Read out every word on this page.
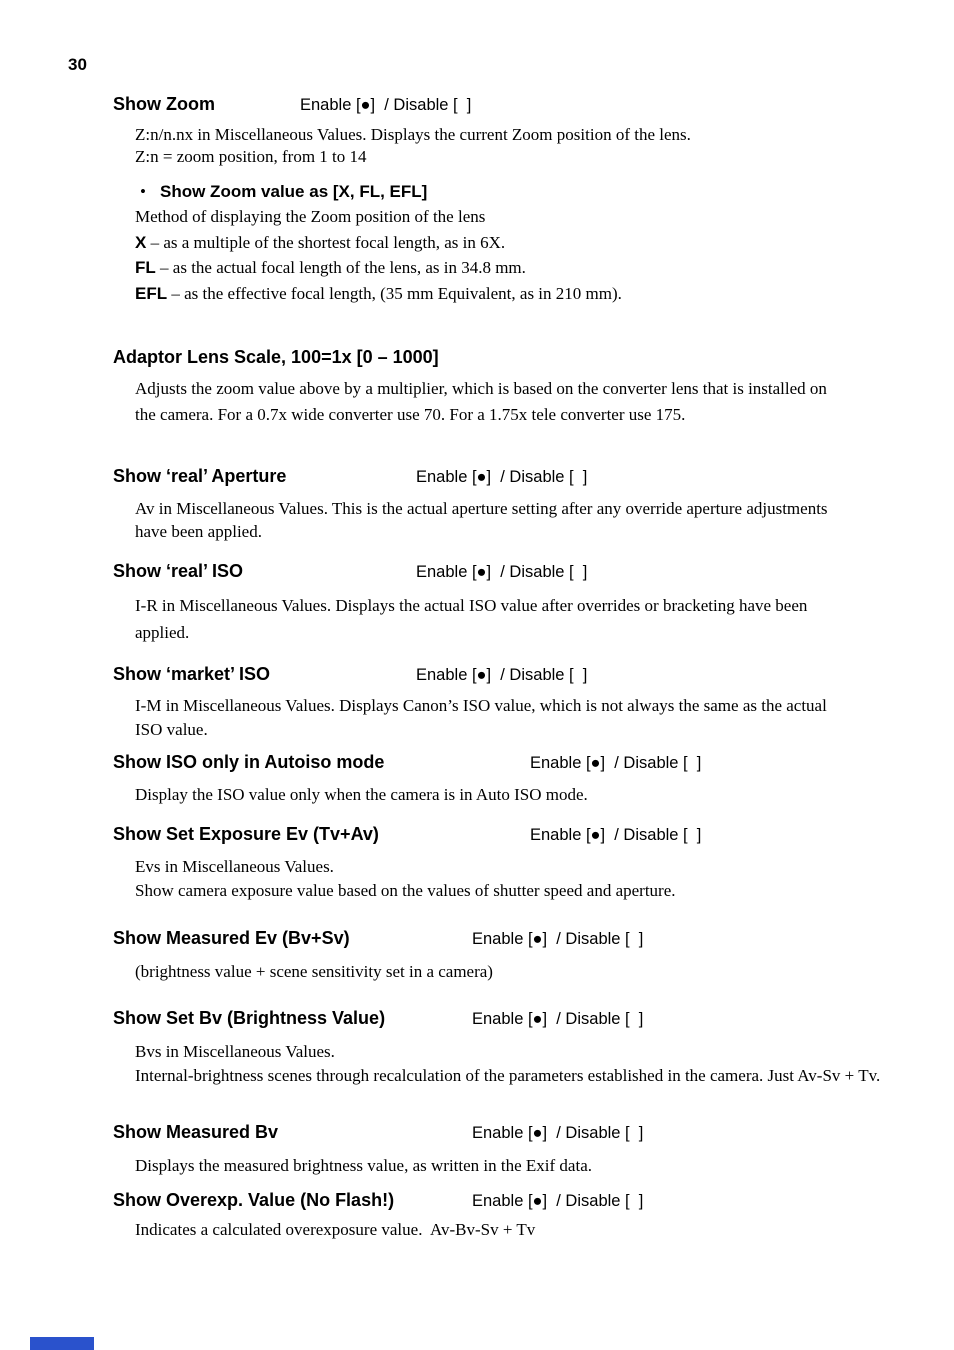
30
Show Zoom	Enable [●]  / Disable [  ]

Z:n/n.nx in Miscellaneous Values. Displays the current Zoom position of the lens.

Z:n = zoom position, from 1 to 14

• Show Zoom value as [X, FL, EFL]

Method of displaying the Zoom position of the lens

X – as a multiple of the shortest focal length, as in 6X.

FL – as the actual focal length of the lens, as in 34.8 mm.

EFL – as the effective focal length, (35 mm Equivalent, as in 210 mm).

Adaptor Lens Scale, 100=1x [0 – 1000]

Adjusts the zoom value above by a multiplier, which is based on the converter lens that is installed on the camera. For a 0.7x wide converter use 70. For a 1.75x tele converter use 175.

Show ‘real’ Aperture	Enable [●]  / Disable [  ]

Av in Miscellaneous Values. This is the actual aperture setting after any override aperture adjustments have been applied.

Show ‘real’ ISO	Enable [●]  / Disable [  ]

I-R in Miscellaneous Values. Displays the actual ISO value after overrides or bracketing have been applied.

Show ‘market’ ISO	Enable [●]  / Disable [  ]

I-M in Miscellaneous Values. Displays Canon’s ISO value, which is not always the same as the actual ISO value.

Show ISO only in Autoiso mode	Enable [●]  / Disable [  ]

Display the ISO value only when the camera is in Auto ISO mode.

Show Set Exposure Ev (Tv+Av)	Enable [●]  / Disable [  ]

Evs in Miscellaneous Values.

Show camera exposure value based on the values of shutter speed and aperture.

Show Measured Ev (Bv+Sv)	Enable [●]  / Disable [  ]

(brightness value + scene sensitivity set in a camera)

Show Set Bv (Brightness Value)	Enable [●]  / Disable [  ]

Bvs in Miscellaneous Values.

Internal-brightness scenes through recalculation of the parameters established in the camera. Just Av-Sv + Tv.

Show Measured Bv	Enable [●]  / Disable [  ]

Displays the measured brightness value, as written in the Exif data.

Show Overexp. Value (No Flash!)	Enable [●]  / Disable [  ]

Indicates a calculated overexposure value.  Av-Bv-Sv + Tv
